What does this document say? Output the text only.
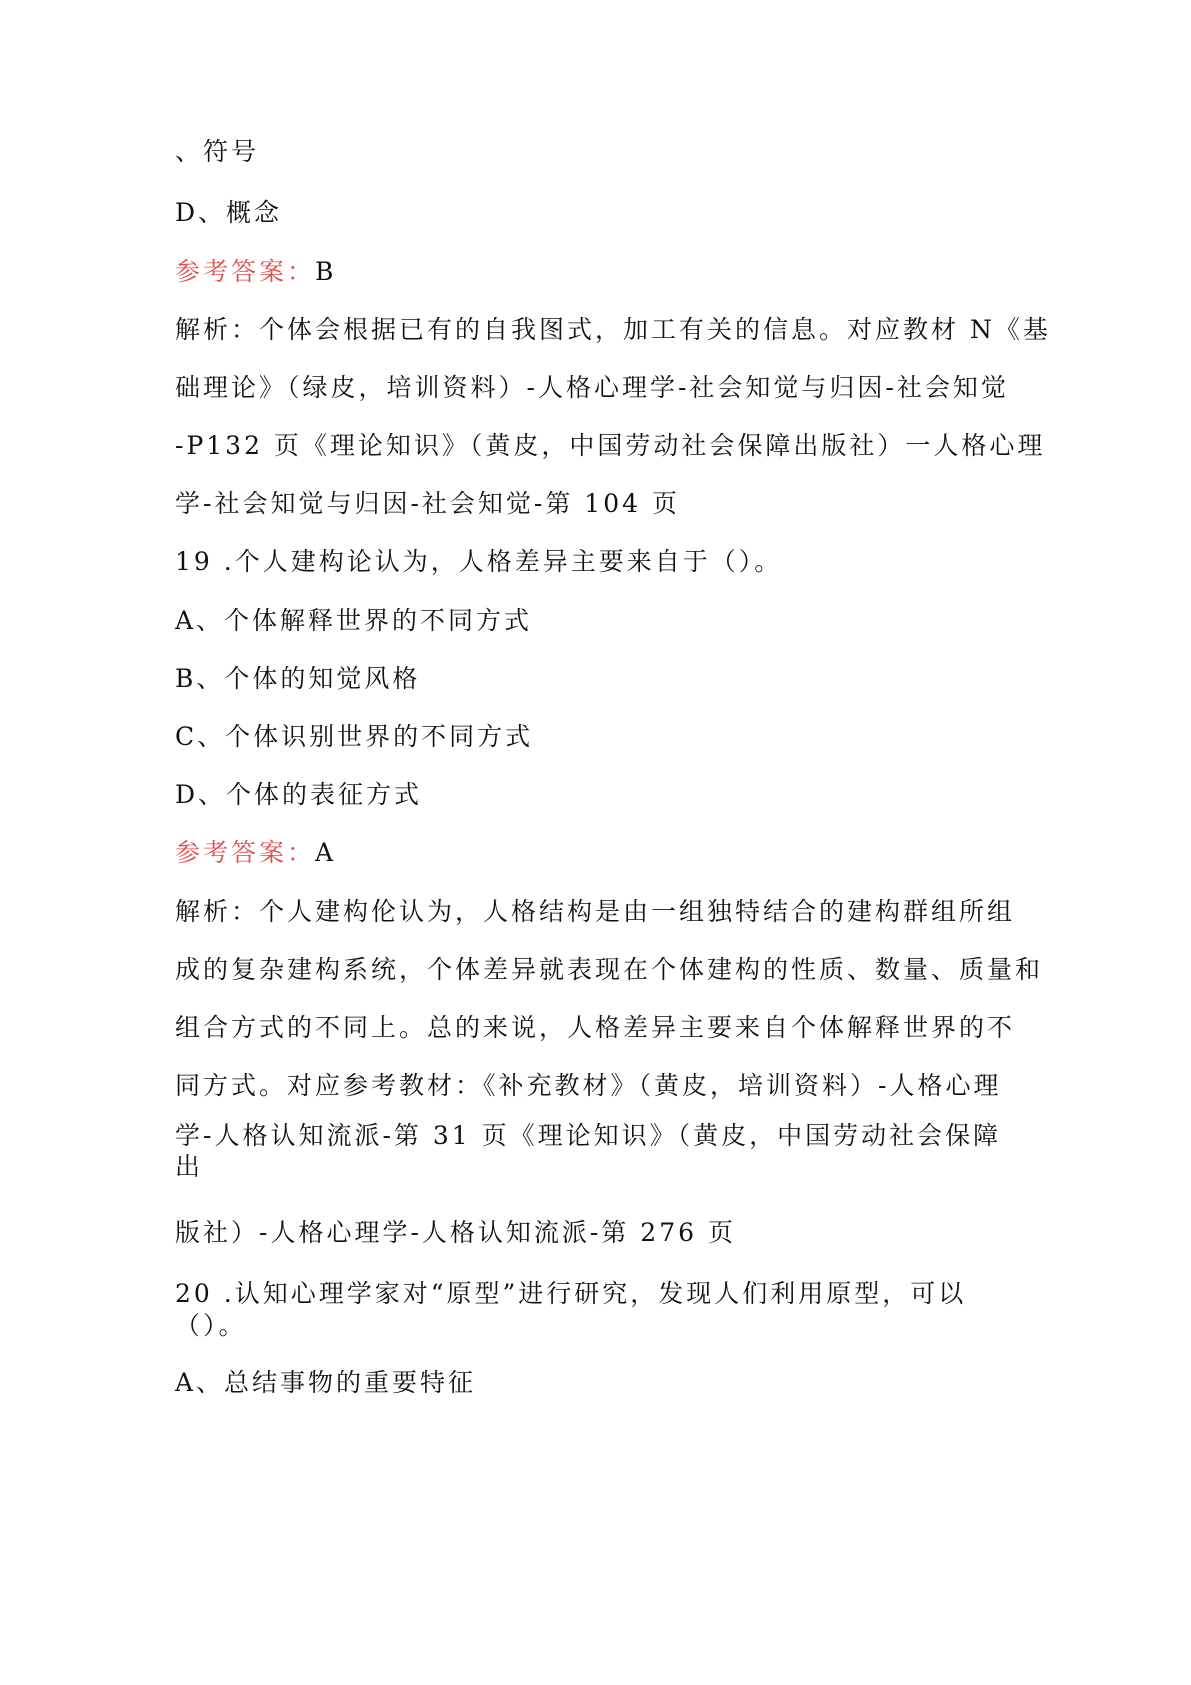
、符号
D、概念
参考答案：B
解析：个体会根据已有的自我图式，加工有关的信息。对应教材 N《基
础理论》（绿皮，培训资料）-人格心理学-社会知觉与归因-社会知觉
-P132 页《理论知识》（黄皮，中国劳动社会保障出版社）一人格心理
学-社会知觉与归因-社会知觉-第 104 页
19 .个人建构论认为，人格差异主要来自于（）。
A、个体解释世界的不同方式
B、个体的知觉风格
C、个体识别世界的不同方式
D、个体的表征方式
参考答案：A
解析：个人建构伦认为，人格结构是由一组独特结合的建构群组所组
成的复杂建构系统，个体差异就表现在个体建构的性质、数量、质量和
组合方式的不同上。总的来说，人格差异主要来自个体解释世界的不
同方式。对应参考教材：《补充教材》（黄皮，培训资料）-人格心理
学-人格认知流派-第 31 页《理论知识》（黄皮，中国劳动社会保障
出
版社）-人格心理学-人格认知流派-第 276 页
20 .认知心理学家对“原型”进行研究，发现人们利用原型，可以
（）。
A、总结事物的重要特征
